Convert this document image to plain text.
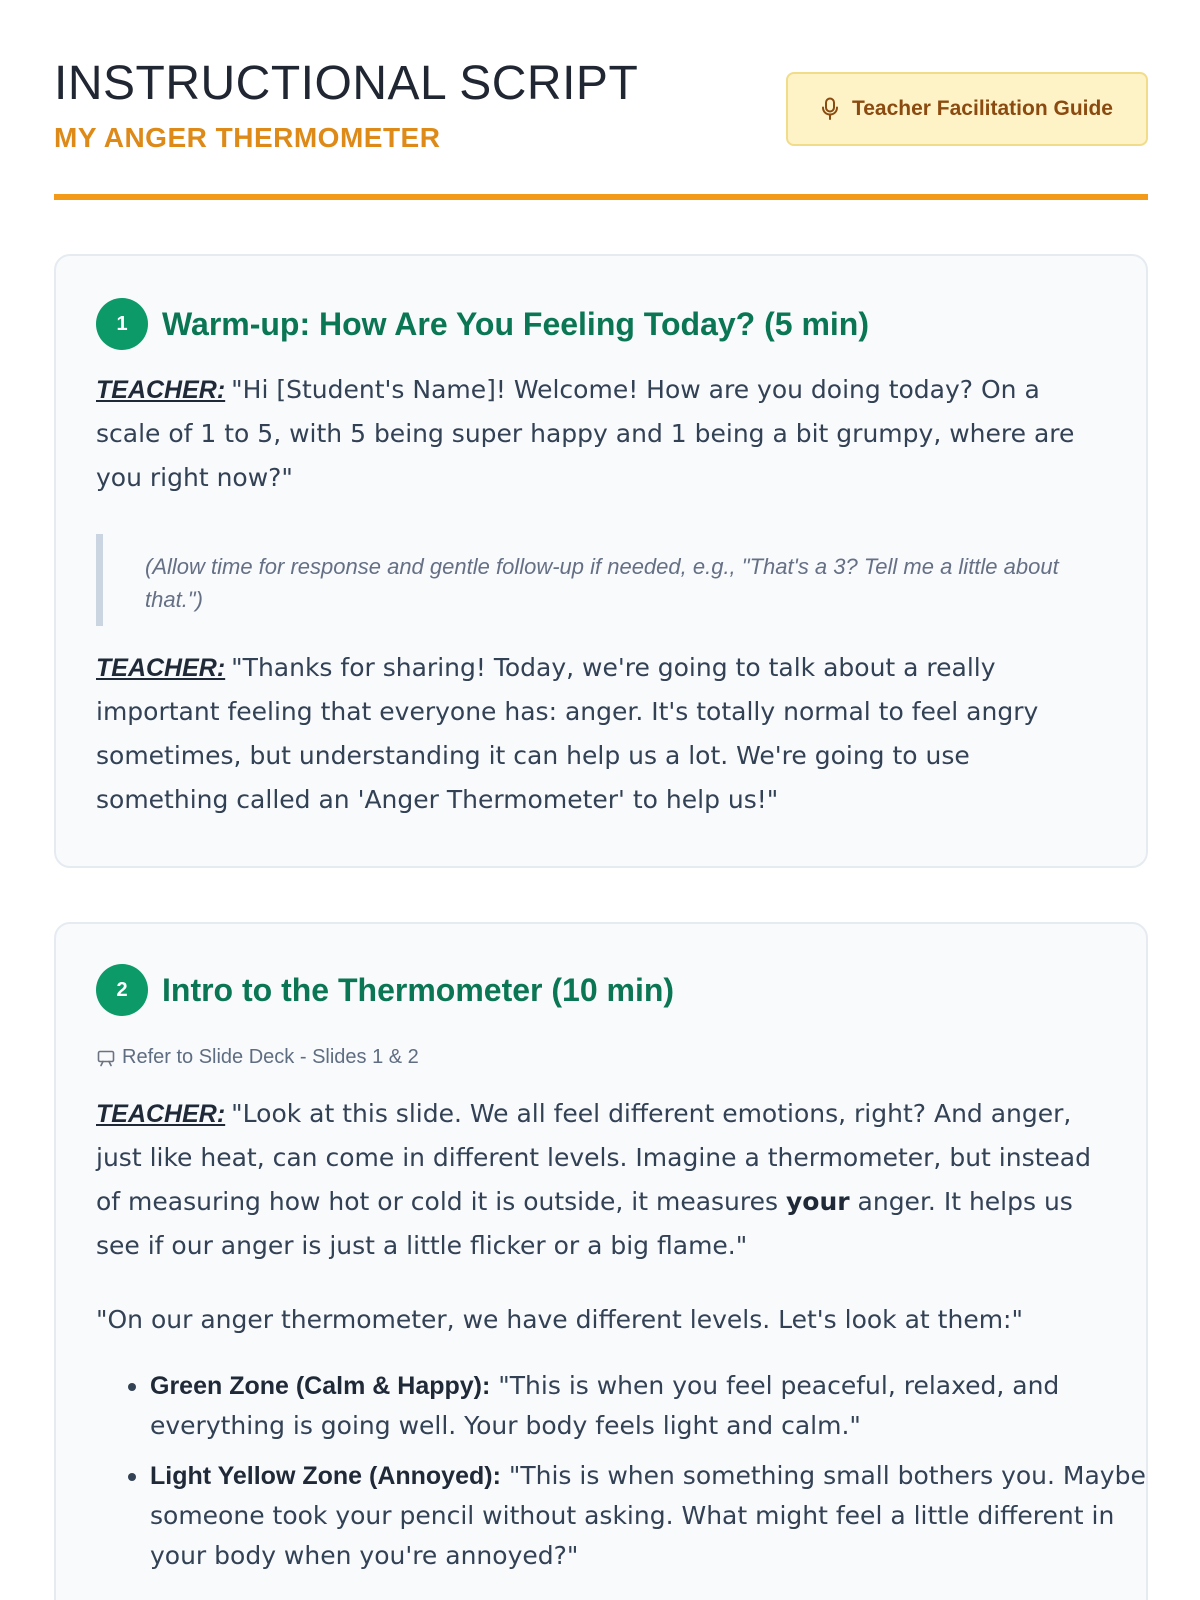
INSTRUCTIONAL SCRIPT
MY ANGER THERMOMETER
Teacher Facilitation Guide
1	Warm-up: How Are You Feeling Today? (5 min)

TEACHER: "Hi [Student's Name]! Welcome! How are you doing today? On a scale of 1 to 5, with 5 being super happy and 1 being a bit grumpy, where are you right now?"

(Allow time for response and gentle follow-up if needed, e.g., "That's a 3? Tell me a little about that.")

TEACHER: "Thanks for sharing! Today, we're going to talk about a really important feeling that everyone has: anger. It's totally normal to feel angry sometimes, but understanding it can help us a lot. We're going to use something called an 'Anger Thermometer' to help us!"

2	Intro to the Thermometer (10 min)
Refer to Slide Deck - Slides 1 & 2

TEACHER: "Look at this slide. We all feel different emotions, right? And anger, just like heat, can come in different levels. Imagine a thermometer, but instead of measuring how hot or cold it is outside, it measures your anger. It helps us see if our anger is just a little flicker or a big flame."

"On our anger thermometer, we have different levels. Let's look at them:"

• Green Zone (Calm & Happy): "This is when you feel peaceful, relaxed, and everything is going well. Your body feels light and calm."
• Light Yellow Zone (Annoyed): "This is when something small bothers you. Maybe someone took your pencil without asking. What might feel a little different in your body when you're annoyed?"
